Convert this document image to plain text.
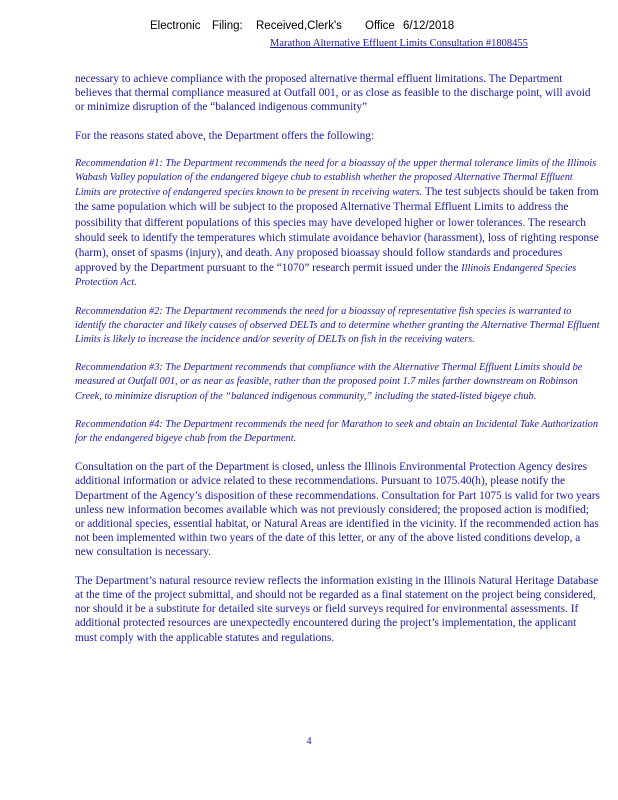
Electronic Filing: Received,Clerk's Office 6/12/2018
Marathon Alternative Effluent Limits Consultation #1808455

necessary to achieve compliance with the proposed alternative thermal effluent limitations. The Department believes that thermal compliance measured at Outfall 001, or as close as feasible to the discharge point, will avoid or minimize disruption of the “balanced indigenous community”

For the reasons stated above, the Department offers the following:

Recommendation #1: The Department recommends the need for a bioassay of the upper thermal tolerance limits of the Illinois Wabash Valley population of the endangered bigeye chub to establish whether the proposed Alternative Thermal Effluent Limits are protective of endangered species known to be present in receiving waters. The test subjects should be taken from the same population which will be subject to the proposed Alternative Thermal Effluent Limits to address the possibility that different populations of this species may have developed higher or lower tolerances. The research should seek to identify the temperatures which stimulate avoidance behavior (harassment), loss of righting response (harm), onset of spasms (injury), and death. Any proposed bioassay should follow standards and procedures approved by the Department pursuant to the “1070” research permit issued under the Illinois Endangered Species Protection Act.

Recommendation #2: The Department recommends the need for a bioassay of representative fish species is warranted to identify the character and likely causes of observed DELTs and to determine whether granting the Alternative Thermal Effluent Limits is likely to increase the incidence and/or severity of DELTs on fish in the receiving waters.

Recommendation #3: The Department recommends that compliance with the Alternative Thermal Effluent Limits should be measured at Outfall 001, or as near as feasible, rather than the proposed point 1.7 miles farther downstream on Robinson Creek, to minimize disruption of the “balanced indigenous community,” including the stated-listed bigeye chub.

Recommendation #4: The Department recommends the need for Marathon to seek and obtain an Incidental Take Authorization for the endangered bigeye chub from the Department.

Consultation on the part of the Department is closed, unless the Illinois Environmental Protection Agency desires additional information or advice related to these recommendations. Pursuant to 1075.40(h), please notify the Department of the Agency’s disposition of these recommendations. Consultation for Part 1075 is valid for two years unless new information becomes available which was not previously considered; the proposed action is modified; or additional species, essential habitat, or Natural Areas are identified in the vicinity. If the recommended action has not been implemented within two years of the date of this letter, or any of the above listed conditions develop, a new consultation is necessary.

The Department’s natural resource review reflects the information existing in the Illinois Natural Heritage Database at the time of the project submittal, and should not be regarded as a final statement on the project being considered, nor should it be a substitute for detailed site surveys or field surveys required for environmental assessments. If additional protected resources are unexpectedly encountered during the project’s implementation, the applicant must comply with the applicable statutes and regulations.

4
